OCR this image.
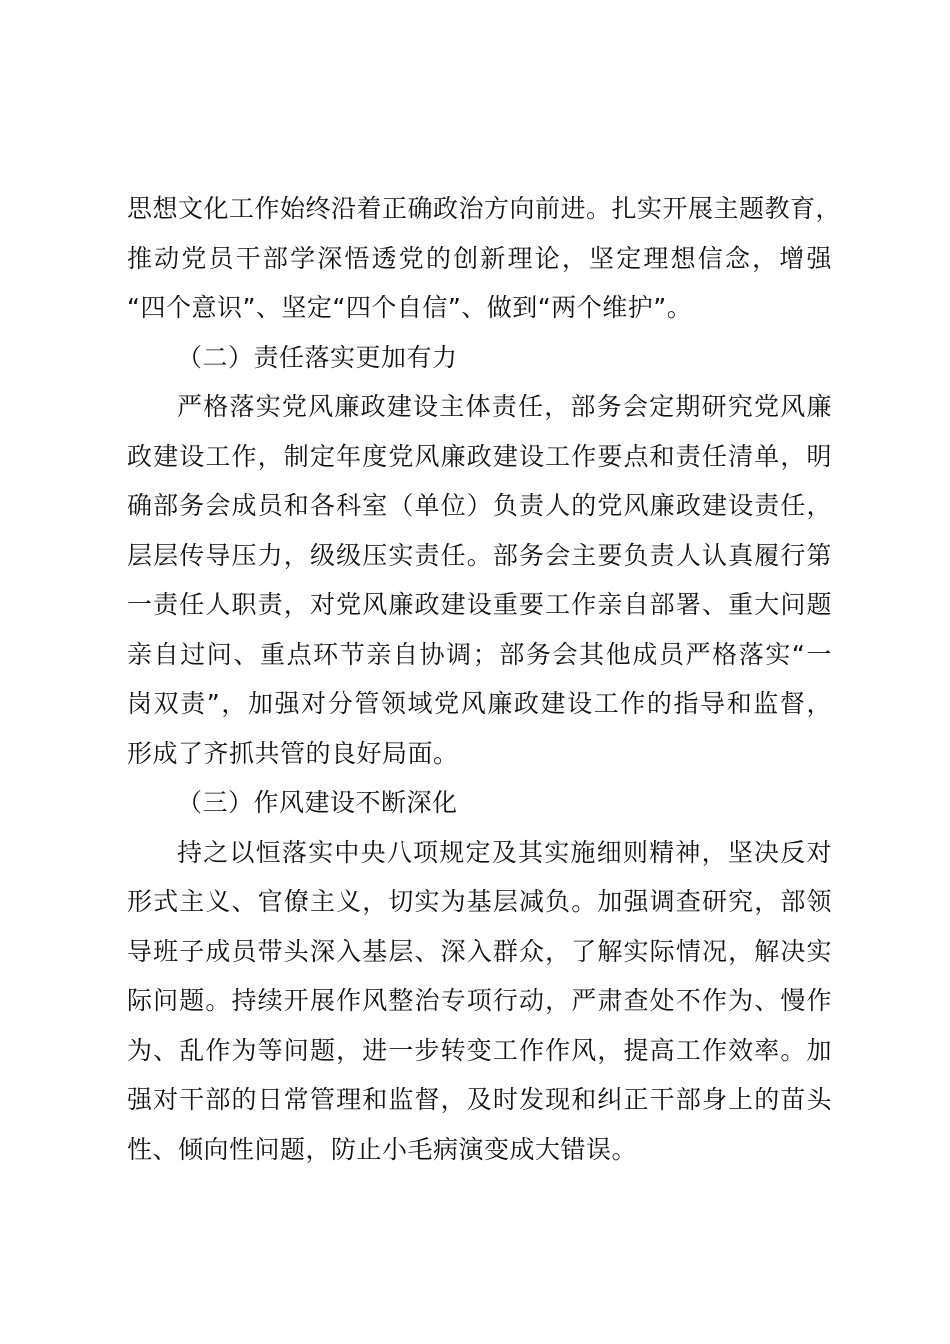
思想文化工作始终沿着正确政治方向前进。扎实开展主题教育，
推动党员干部学深悟透党的创新理论，坚定理想信念，增强
“四个意识”、坚定“四个自信”、做到“两个维护”。
（二）责任落实更加有力
严格落实党风廉政建设主体责任，部务会定期研究党风廉
政建设工作，制定年度党风廉政建设工作要点和责任清单，明
确部务会成员和各科室（单位）负责人的党风廉政建设责任，
层层传导压力，级级压实责任。部务会主要负责人认真履行第
一责任人职责，对党风廉政建设重要工作亲自部署、重大问题
亲自过问、重点环节亲自协调；部务会其他成员严格落实“一
岗双责”，加强对分管领域党风廉政建设工作的指导和监督，
形成了齐抓共管的良好局面。
（三）作风建设不断深化
持之以恒落实中央八项规定及其实施细则精神，坚决反对
形式主义、官僚主义，切实为基层减负。加强调查研究，部领
导班子成员带头深入基层、深入群众，了解实际情况，解决实
际问题。持续开展作风整治专项行动，严肃查处不作为、慢作
为、乱作为等问题，进一步转变工作作风，提高工作效率。加
强对干部的日常管理和监督，及时发现和纠正干部身上的苗头
性、倾向性问题，防止小毛病演变成大错误。
